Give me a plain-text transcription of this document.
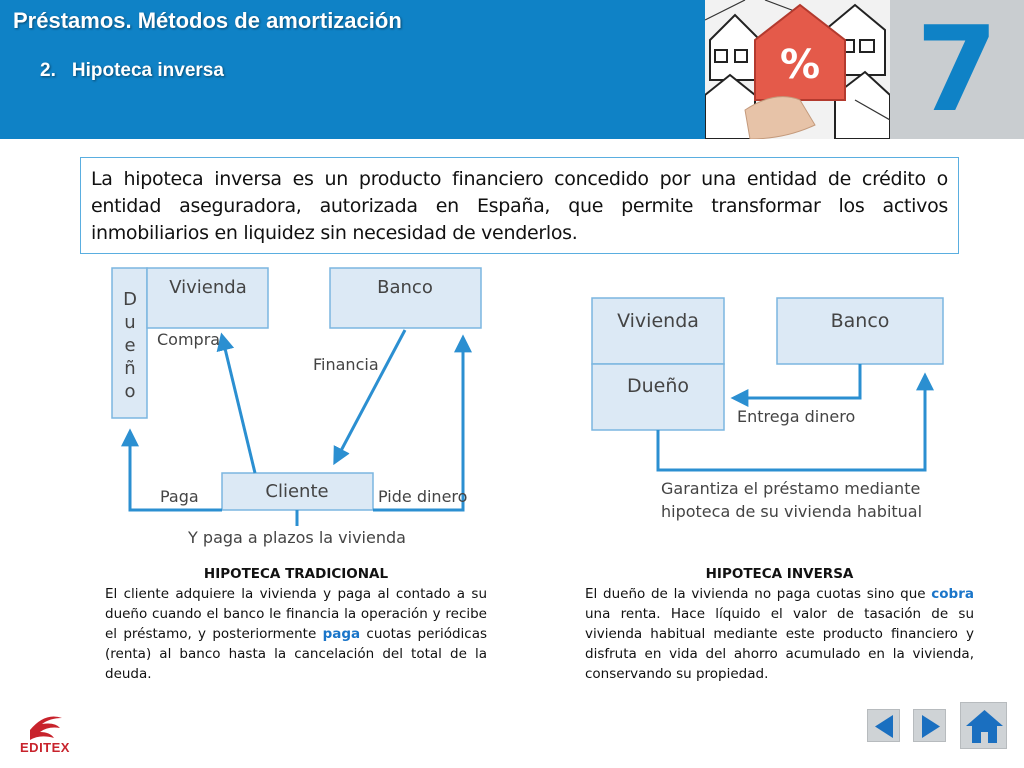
Préstamos. Métodos de amortización
2. Hipoteca inversa	% 7
La hipoteca inversa es un producto financiero concedido por una entidad de crédito o entidad aseguradora, autorizada en España, que permite transformar los activos inmobiliarios en liquidez sin necesidad de venderlos.
D
u
e
ñ
o
Vivienda	Banco
Cliente
Compra
Financia
Paga	Pide dinero
Y paga a plazos la vivienda
Vivienda
Dueño
Banco
Entrega dinero
Garantiza el préstamo mediante
hipoteca de su vivienda habitual
HIPOTECA TRADICIONAL
El cliente adquiere la vivienda y paga al contado a su dueño cuando el banco le financia la operación y recibe el préstamo, y posteriormente paga cuotas periódicas (renta) al banco hasta la cancelación del total de la deuda.
HIPOTECA INVERSA
El dueño de la vivienda no paga cuotas sino que cobra una renta. Hace líquido el valor de tasación de su vivienda habitual mediante este producto financiero y disfruta en vida del ahorro acumulado en la vivienda, conservando su propiedad.
EDITEX
